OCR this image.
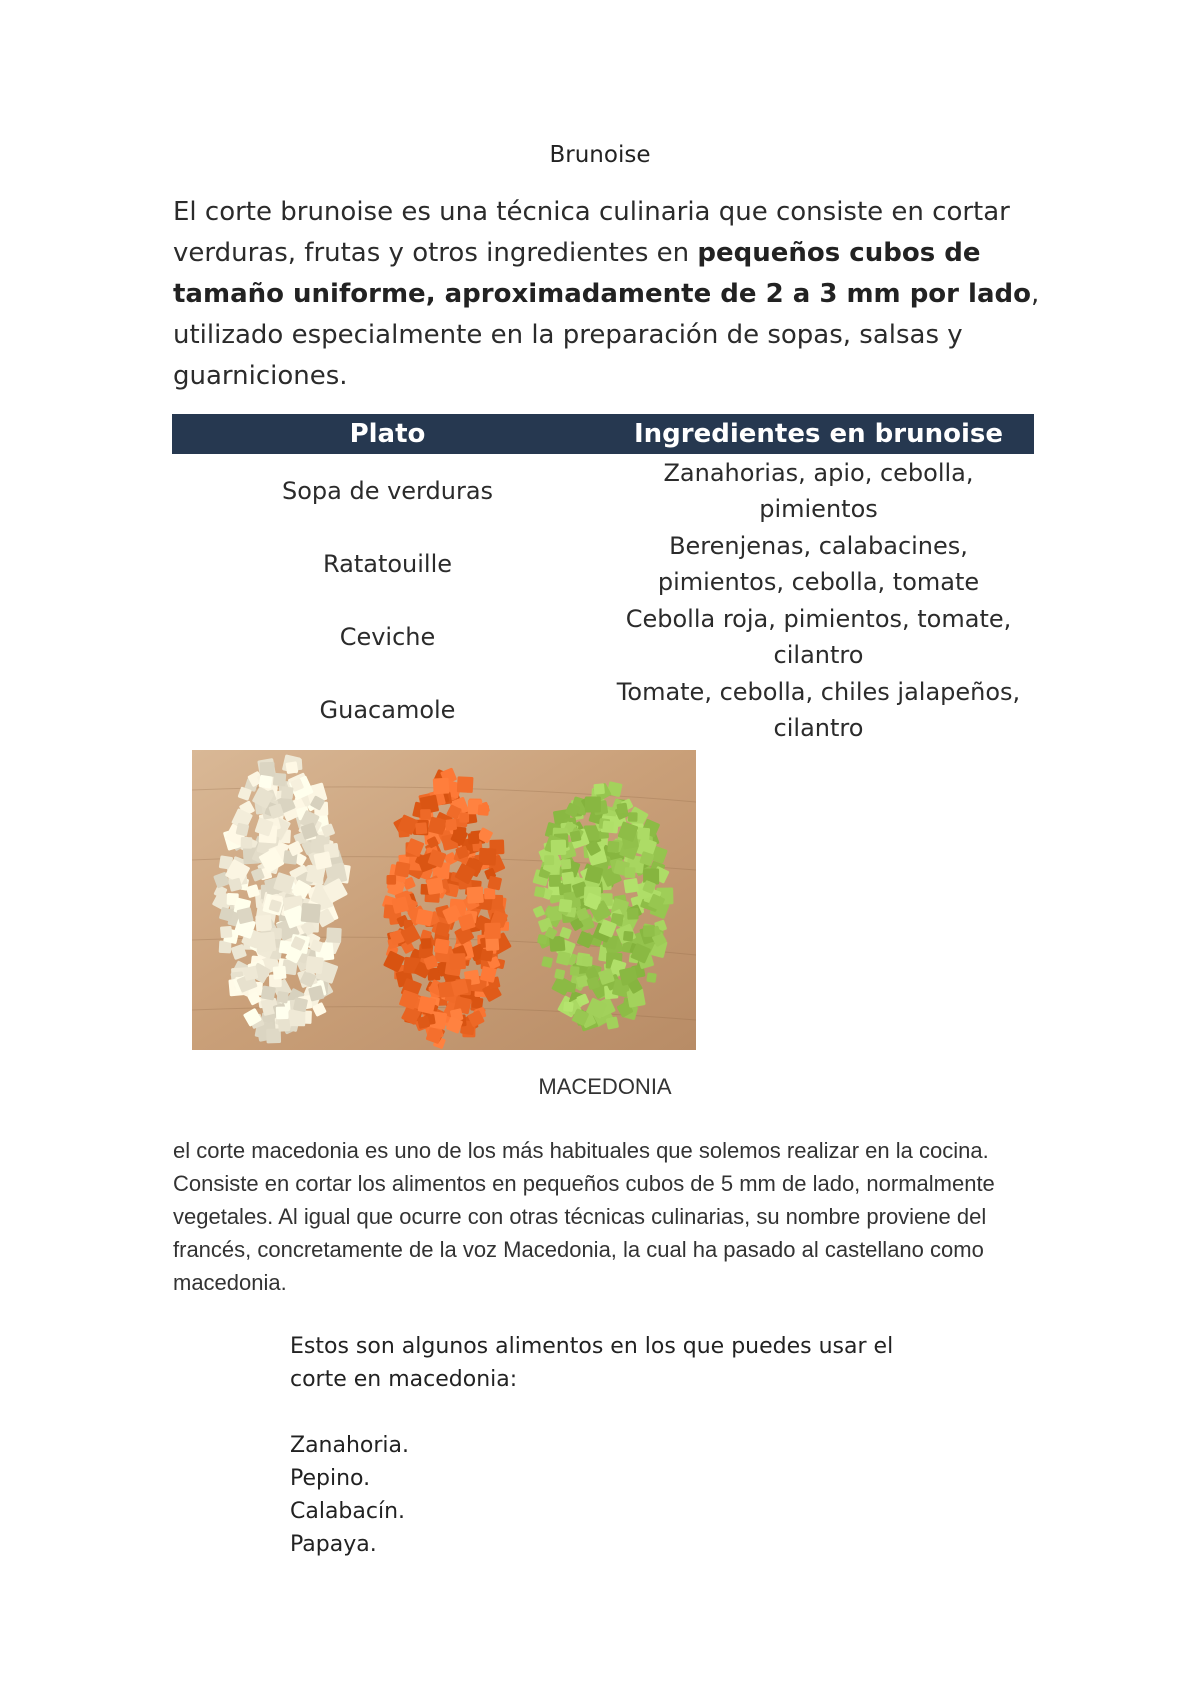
Brunoise

El corte brunoise es una técnica culinaria que consiste en cortar verduras, frutas y otros ingredientes en pequeños cubos de tamaño uniforme, aproximadamente de 2 a 3 mm por lado, utilizado especialmente en la preparación de sopas, salsas y guarniciones.

Plato	Ingredientes en brunoise
Sopa de verduras	Zanahorias, apio, cebolla, pimientos
Ratatouille	Berenjenas, calabacines, pimientos, cebolla, tomate
Ceviche	Cebolla roja, pimientos, tomate, cilantro
Guacamole	Tomate, cebolla, chiles jalapeños, cilantro
MACEDONIA

el corte macedonia es uno de los más habituales que solemos realizar en la cocina. Consiste en cortar los alimentos en pequeños cubos de 5 mm de lado, normalmente vegetales. Al igual que ocurre con otras técnicas culinarias, su nombre proviene del francés, concretamente de la voz Macedonia, la cual ha pasado al castellano como macedonia.

Estos son algunos alimentos en los que puedes usar el corte en macedonia:

Zanahoria.
Pepino.
Calabacín.
Papaya.
